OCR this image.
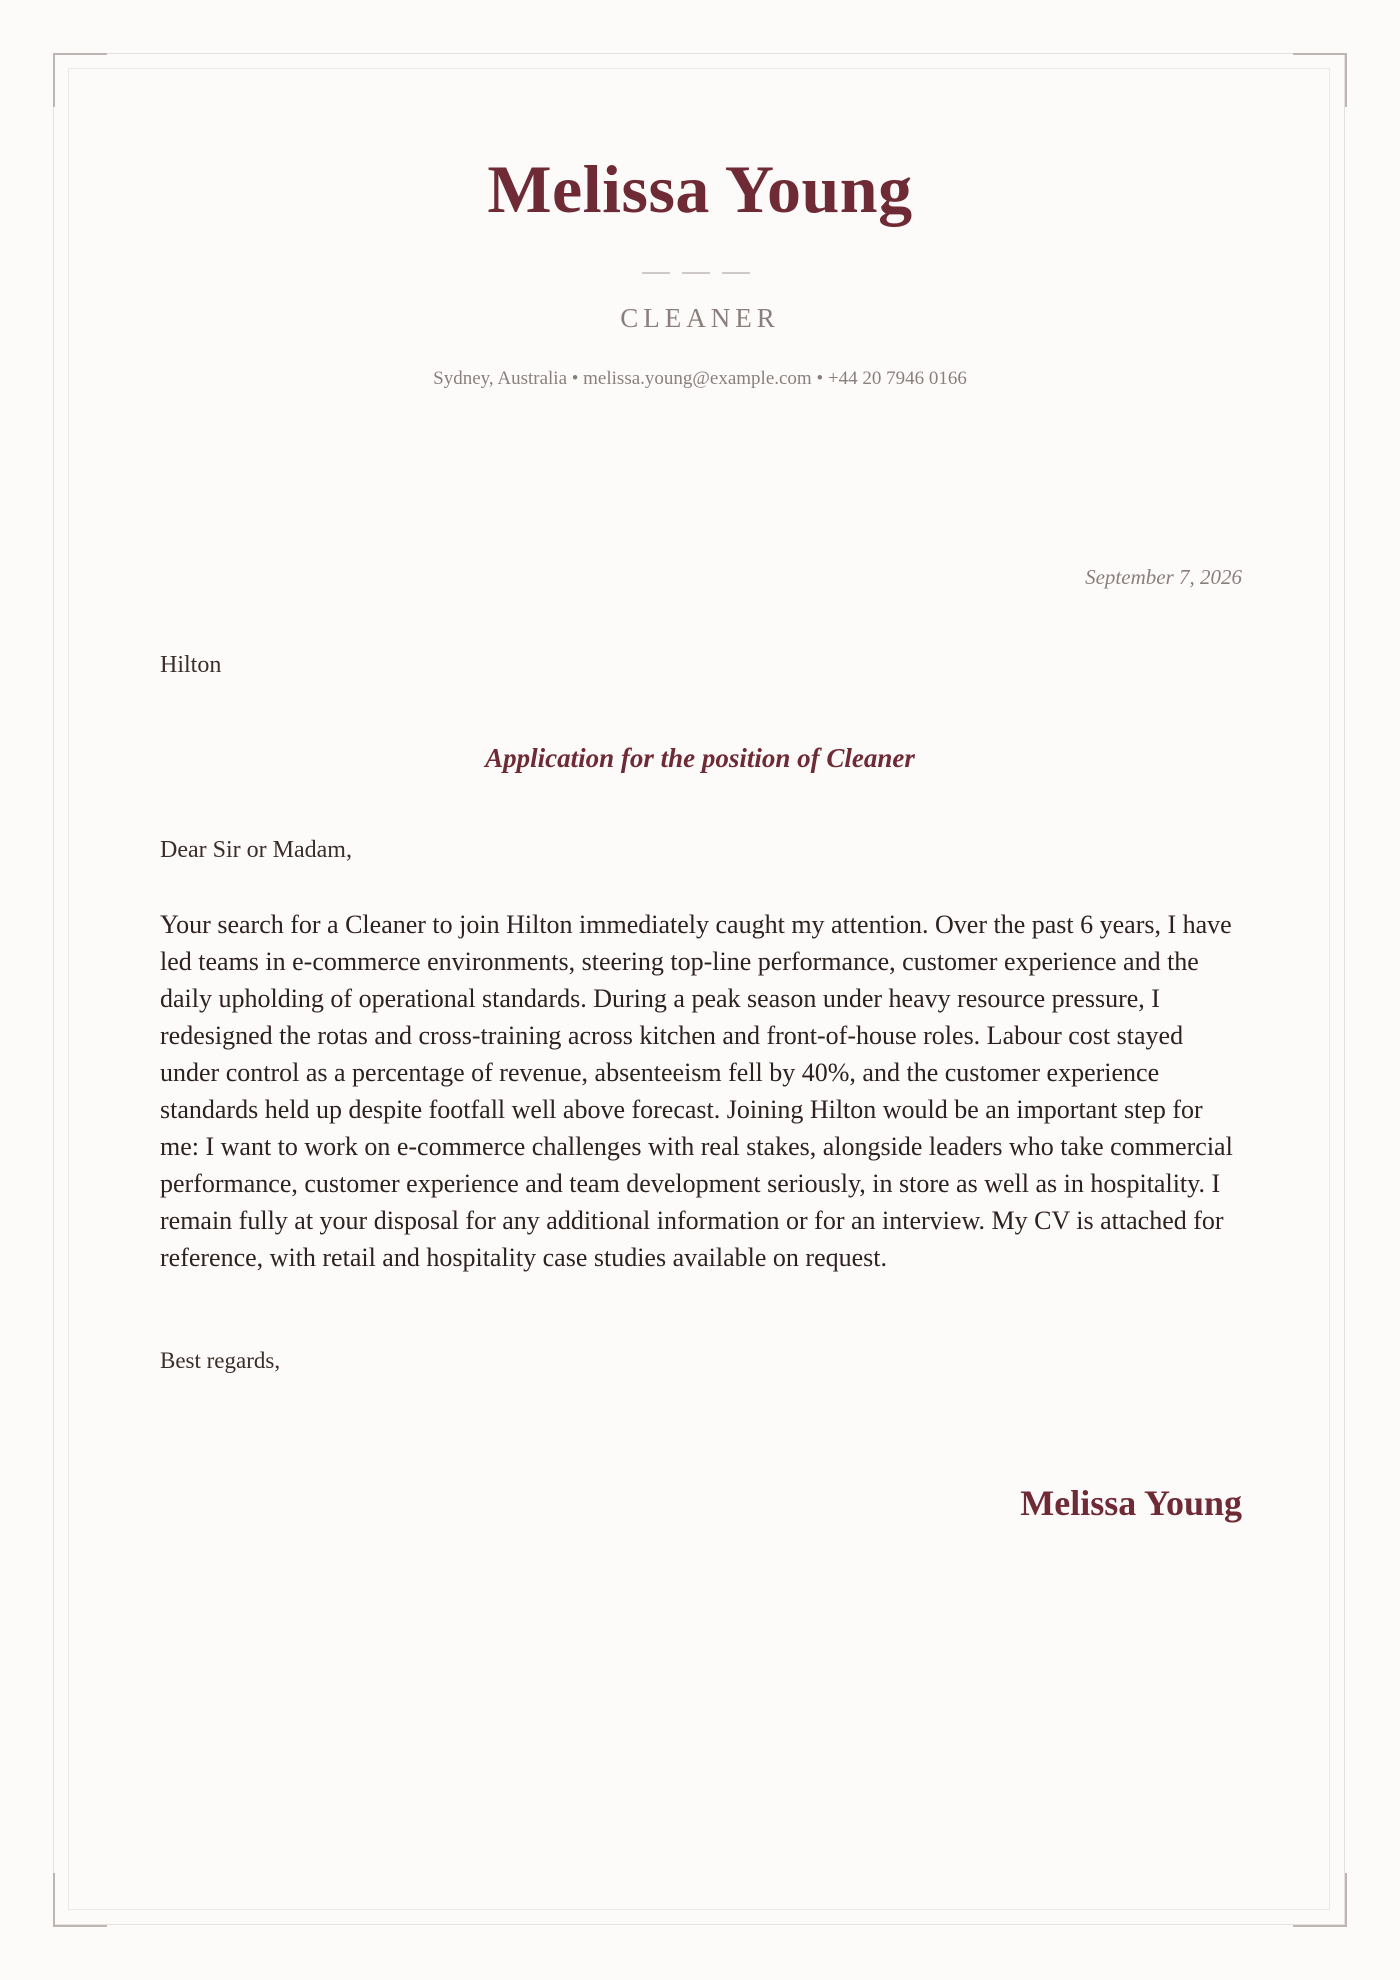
Melissa Young
CLEANER
Sydney, Australia • melissa.young@example.com • +44 20 7946 0166
September 7, 2026
Hilton
Application for the position of Cleaner
Dear Sir or Madam,

Your search for a Cleaner to join Hilton immediately caught my attention. Over the past 6 years, I have led teams in e-commerce environments, steering top-line performance, customer experience and the daily upholding of operational standards. During a peak season under heavy resource pressure, I redesigned the rotas and cross-training across kitchen and front-of-house roles. Labour cost stayed under control as a percentage of revenue, absenteeism fell by 40%, and the customer experience standards held up despite footfall well above forecast. Joining Hilton would be an important step for me: I want to work on e-commerce challenges with real stakes, alongside leaders who take commercial performance, customer experience and team development seriously, in store as well as in hospitality. I remain fully at your disposal for any additional information or for an interview. My CV is attached for reference, with retail and hospitality case studies available on request.

Best regards,
Melissa Young
